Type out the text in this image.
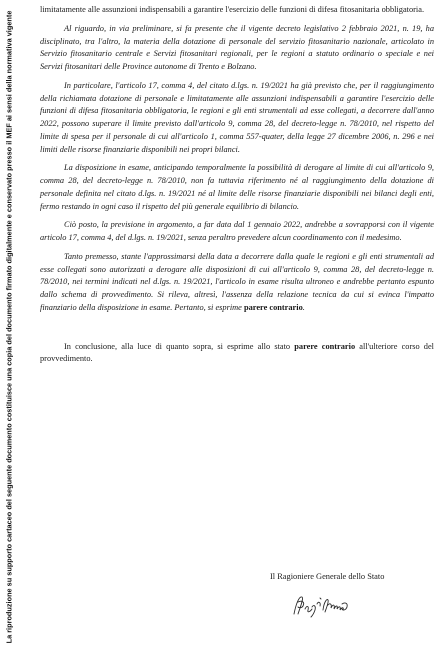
La riproduzione su supporto cartaceo del seguente documento costituisce una copia del documento firmato digitalmente e conservato presso il MEF ai sensi della normativa vigente

limitatamente alle assunzioni indispensabili a garantire l'esercizio delle funzioni di difesa fitosanitaria obbligatoria.

Al riguardo, in via preliminare, si fa presente che il vigente decreto legislativo 2 febbraio 2021, n. 19, ha disciplinato, tra l'altro, la materia della dotazione di personale del servizio fitosanitario nazionale, articolato in Servizio fitosanitario centrale e Servizi fitosanitari regionali, per le regioni a statuto ordinario o speciale e nei Servizi fitosanitari delle Province autonome di Trento e Bolzano.

In particolare, l'articolo 17, comma 4, del citato d.lgs. n. 19/2021 ha già previsto che, per il raggiungimento della richiamata dotazione di personale e limitatamente alle assunzioni indispensabili a garantire l'esercizio delle funzioni di difesa fitosanitaria obbligatoria, le regioni e gli enti strumentali ad esse collegati, a decorrere dall'anno 2022, possono superare il limite previsto dall'articolo 9, comma 28, del decreto-legge n. 78/2010, nel rispetto del limite di spesa per il personale di cui all'articolo 1, comma 557-quater, della legge 27 dicembre 2006, n. 296 e nei limiti delle risorse finanziarie disponibili nei propri bilanci.

La disposizione in esame, anticipando temporalmente la possibilità di derogare al limite di cui all'articolo 9, comma 28, del decreto-legge n. 78/2010, non fa tuttavia riferimento né al raggiungimento della dotazione di personale definita nel citato d.lgs. n. 19/2021 né al limite delle risorse finanziarie disponibili nei bilanci degli enti, fermo restando in ogni caso il rispetto del più generale equilibrio di bilancio.

Ciò posto, la previsione in argomento, a far data dal 1 gennaio 2022, andrebbe a sovrapporsi con il vigente articolo 17, comma 4, del d.lgs. n. 19/2021, senza peraltro prevedere alcun coordinamento con il medesimo.

Tanto premesso, stante l'approssimarsi della data a decorrere dalla quale le regioni e gli enti strumentali ad esse collegati sono autorizzati a derogare alle disposizioni di cui all'articolo 9, comma 28, del decreto-legge n. 78/2010, nei termini indicati nel d.lgs. n. 19/2021, l'articolo in esame risulta ultroneo e andrebbe pertanto espunto dallo schema di provvedimento. Si rileva, altresì, l'assenza della relazione tecnica da cui si evinca l'impatto finanziario della disposizione in esame. Pertanto, si esprime parere contrario.

In conclusione, alla luce di quanto sopra, si esprime allo stato parere contrario all'ulteriore corso del provvedimento.

Il Ragioniere Generale dello Stato
